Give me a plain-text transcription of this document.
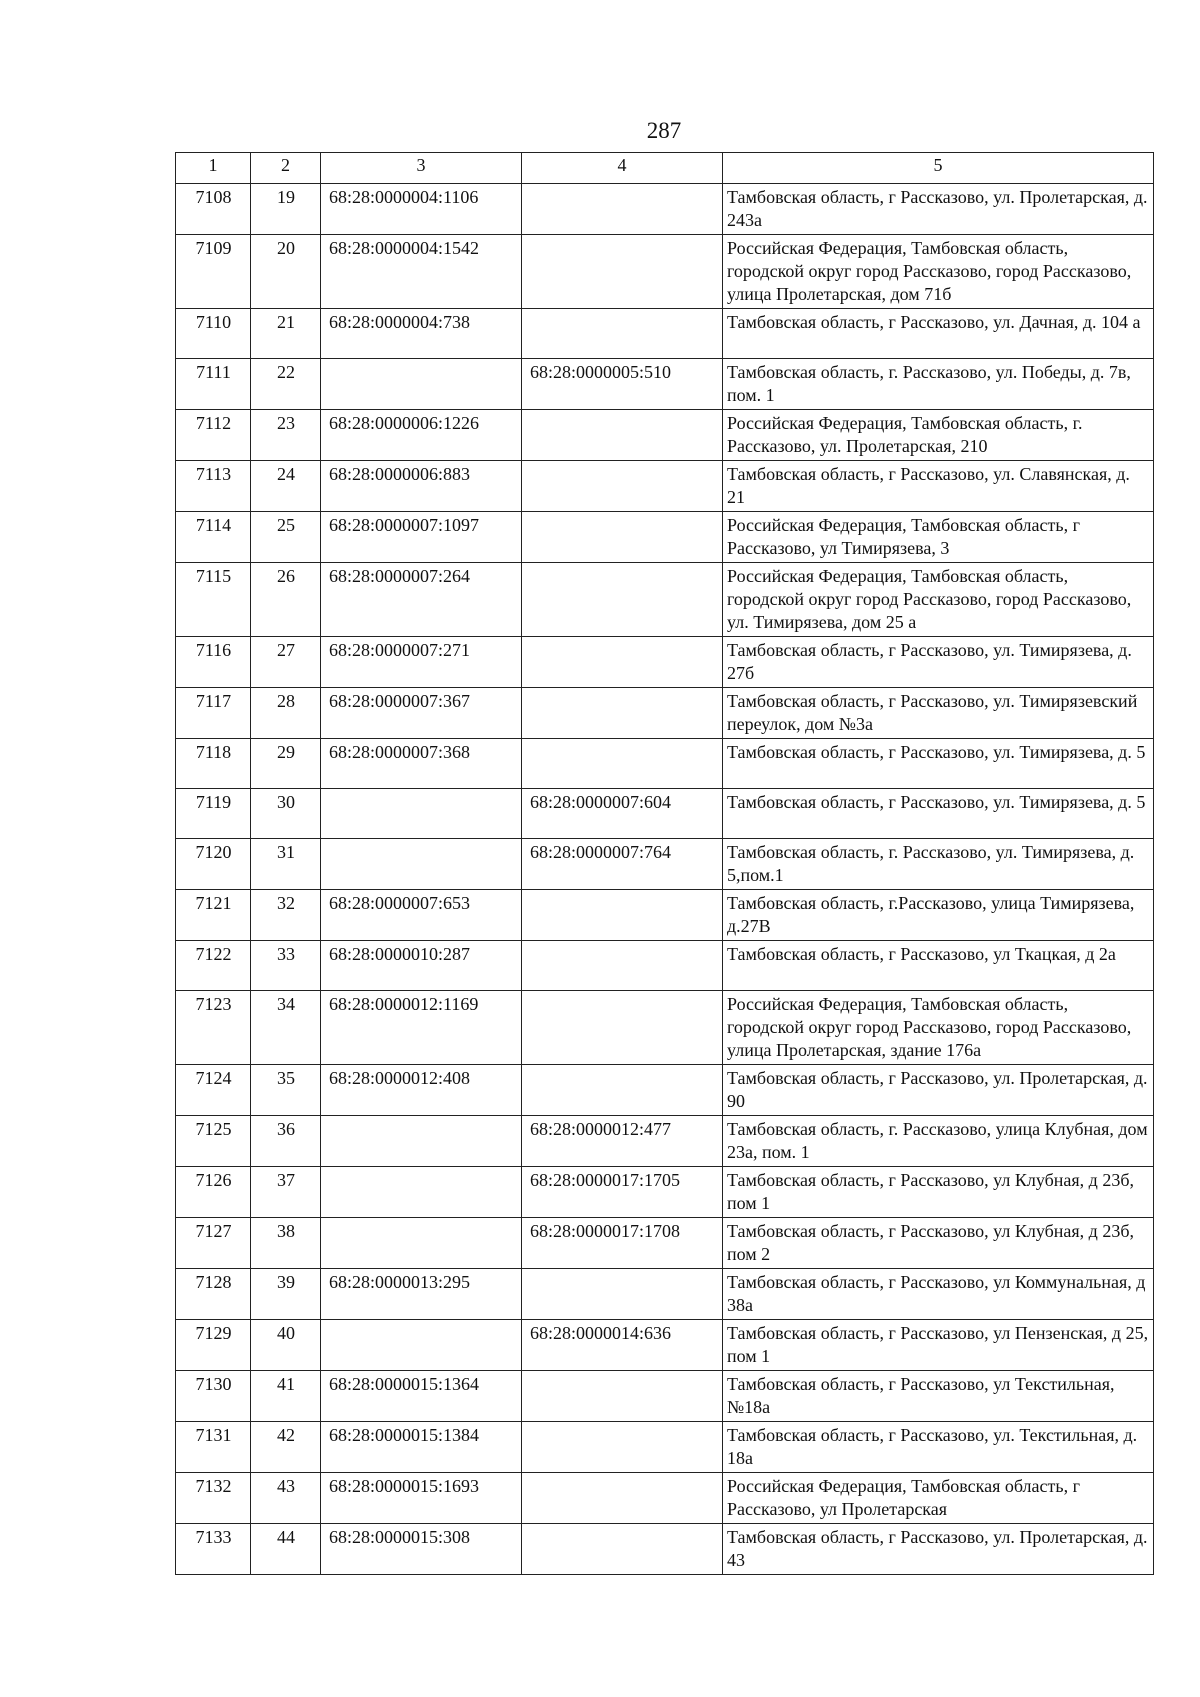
287
1	2	3	4	5
7108	19	68:28:0000004:1106		Тамбовская область, г Рассказово, ул. Пролетарская, д. 243а
7109	20	68:28:0000004:1542		Российская Федерация, Тамбовская область, городской округ город Рассказово, город Рассказово, улица Пролетарская, дом 71б
7110	21	68:28:0000004:738		Тамбовская область, г Рассказово, ул. Дачная, д. 104 а
7111	22		68:28:0000005:510	Тамбовская область, г. Рассказово, ул. Победы, д. 7в, пом. 1
7112	23	68:28:0000006:1226		Российская Федерация, Тамбовская область, г. Рассказово, ул. Пролетарская, 210
7113	24	68:28:0000006:883		Тамбовская область, г Рассказово, ул. Славянская, д. 21
7114	25	68:28:0000007:1097		Российская Федерация, Тамбовская область, г Рассказово, ул Тимирязева, 3
7115	26	68:28:0000007:264		Российская Федерация, Тамбовская область, городской округ город Рассказово, город Рассказово, ул. Тимирязева, дом 25 а
7116	27	68:28:0000007:271		Тамбовская область, г Рассказово, ул. Тимирязева, д. 27б
7117	28	68:28:0000007:367		Тамбовская область, г Рассказово, ул. Тимирязевский переулок, дом №3а
7118	29	68:28:0000007:368		Тамбовская область, г Рассказово, ул. Тимирязева, д. 5
7119	30		68:28:0000007:604	Тамбовская область, г Рассказово, ул. Тимирязева, д. 5
7120	31		68:28:0000007:764	Тамбовская область, г. Рассказово, ул. Тимирязева, д. 5,пом.1
7121	32	68:28:0000007:653		Тамбовская область, г.Рассказово, улица Тимирязева, д.27В
7122	33	68:28:0000010:287		Тамбовская область, г Рассказово, ул Ткацкая, д 2а
7123	34	68:28:0000012:1169		Российская Федерация, Тамбовская область, городской округ город Рассказово, город Рассказово, улица Пролетарская, здание 176а
7124	35	68:28:0000012:408		Тамбовская область, г Рассказово, ул. Пролетарская, д. 90
7125	36		68:28:0000012:477	Тамбовская область, г. Рассказово, улица Клубная, дом 23а, пом. 1
7126	37		68:28:0000017:1705	Тамбовская область, г Рассказово, ул Клубная, д 23б, пом 1
7127	38		68:28:0000017:1708	Тамбовская область, г Рассказово, ул Клубная, д 23б, пом 2
7128	39	68:28:0000013:295		Тамбовская область, г Рассказово, ул Коммунальная, д 38а
7129	40		68:28:0000014:636	Тамбовская область, г Рассказово, ул Пензенская, д 25, пом 1
7130	41	68:28:0000015:1364		Тамбовская область, г Рассказово, ул Текстильная, №18а
7131	42	68:28:0000015:1384		Тамбовская область, г Рассказово, ул. Текстильная, д. 18а
7132	43	68:28:0000015:1693		Российская Федерация, Тамбовская область, г Рассказово, ул Пролетарская
7133	44	68:28:0000015:308		Тамбовская область, г Рассказово, ул. Пролетарская, д. 43
